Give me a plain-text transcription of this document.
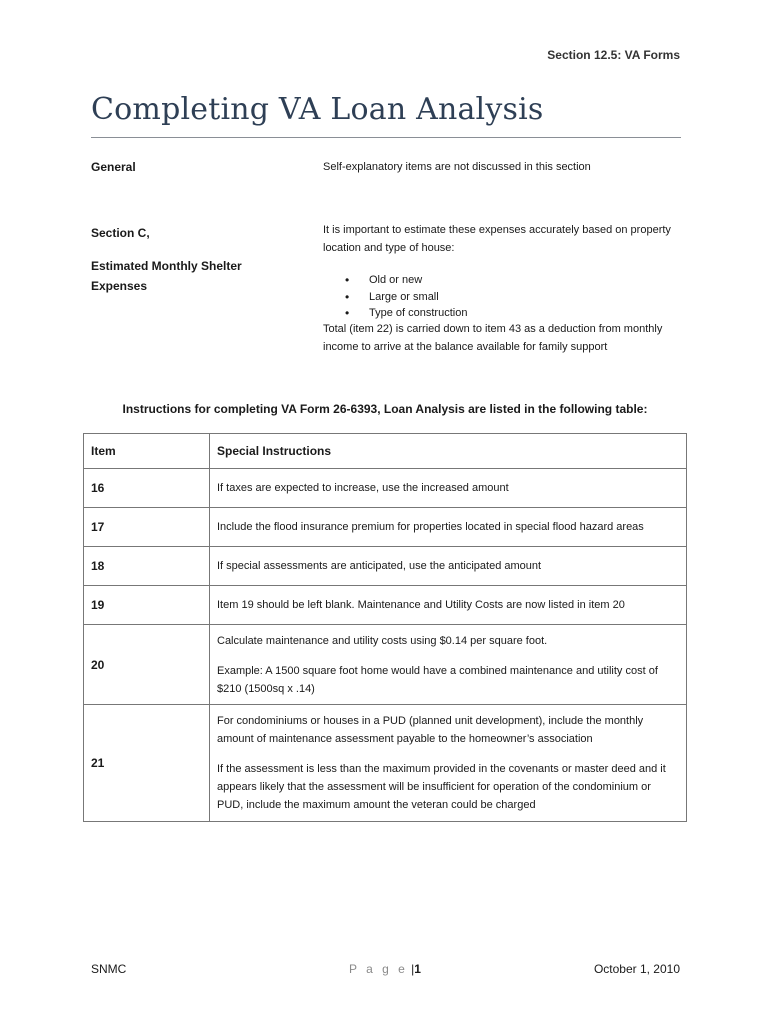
Section 12.5: VA Forms
Completing VA Loan Analysis
General	Self-explanatory items are not discussed in this section
Section C,
Estimated Monthly Shelter Expenses
It is important to estimate these expenses accurately based on property location and type of house:
• Old or new
• Large or small
• Type of construction
Total (item 22) is carried down to item 43 as a deduction from monthly income to arrive at the balance available for family support
Instructions for completing VA Form 26-6393, Loan Analysis are listed in the following table:
Item	Special Instructions
16	If taxes are expected to increase, use the increased amount
17	Include the flood insurance premium for properties located in special flood hazard areas
18	If special assessments are anticipated, use the anticipated amount
19	Item 19 should be left blank. Maintenance and Utility Costs are now listed in item 20
20	Calculate maintenance and utility costs using $0.14 per square foot.

Example: A 1500 square foot home would have a combined maintenance and utility cost of $210 (1500sq x .14)

21	For condominiums or houses in a PUD (planned unit development), include the monthly amount of maintenance assessment payable to the homeowner’s association

If the assessment is less than the maximum provided in the covenants or master deed and it appears likely that the assessment will be insufficient for operation of the condominium or PUD, include the maximum amount the veteran could be charged

SNMC	P a g e |1	October 1, 2010
